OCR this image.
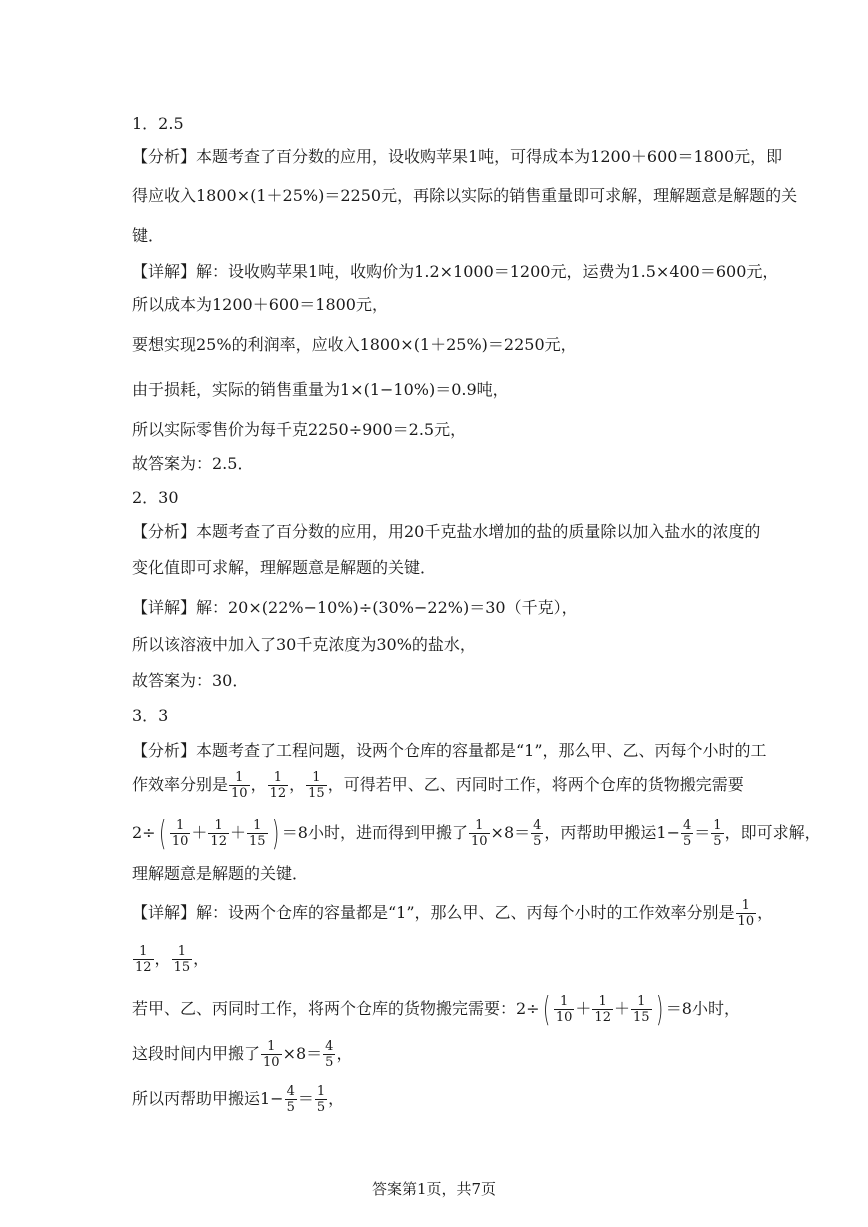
1．2.5
【分析】本题考查了百分数的应用，设收购苹果1吨，可得成本为1200＋600＝1800元，即
得应收入1800×(1＋25%)＝2250元，再除以实际的销售重量即可求解，理解题意是解题的关
键．
【详解】解：设收购苹果1吨，收购价为1.2×1000＝1200元，运费为1.5×400＝600元，
所以成本为1200＋600＝1800元，
要想实现25%的利润率，应收入1800×(1＋25%)＝2250元，
由于损耗，实际的销售重量为1×(1−10%)＝0.9吨，
所以实际零售价为每千克2250÷900＝2.5元，
故答案为：2.5．
2．30
【分析】本题考查了百分数的应用，用20千克盐水增加的盐的质量除以加入盐水的浓度的
变化值即可求解，理解题意是解题的关键．
【详解】解：20×(22%−10%)÷(30%−22%)＝30（千克），
所以该溶液中加入了30千克浓度为30%的盐水，
故答案为：30．
3．3
【分析】本题考查了工程问题，设两个仓库的容量都是“1”，那么甲、乙、丙每个小时的工
作效率分别是 $\frac{1}{10}$ ， $\frac{1}{12}$ ， $\frac{1}{15}$ ，可得若甲、乙、丙同时工作，将两个仓库的货物搬完需要
$2\div( \frac{1}{10} + \frac{1}{12} + \frac{1}{15}$ ) ＝8小时，进而得到甲搬了 $\frac{1}{10} \times 8= \frac{4}{5}$ ，丙帮助甲搬运$1- \frac{4}{5} = \frac{1}{5}$ ，即可求解，
理解题意是解题的关键．
【详解】解：设两个仓库的容量都是“1”，那么甲、乙、丙每个小时的工作效率分别是 $\frac{1}{10}$ ，
$\frac{1}{12}$ ， $\frac{1}{15}$ ，
若甲、乙、丙同时工作，将两个仓库的货物搬完需要：$2\div( \frac{1}{10} + \frac{1}{12} + \frac{1}{15}$ ) ＝8小时，
这段时间内甲搬了 $\frac{1}{10} \times 8= \frac{4}{5}$ ，
所以丙帮助甲搬运$1- \frac{4}{5} = \frac{1}{5}$ ，
答案第1页，共7页
